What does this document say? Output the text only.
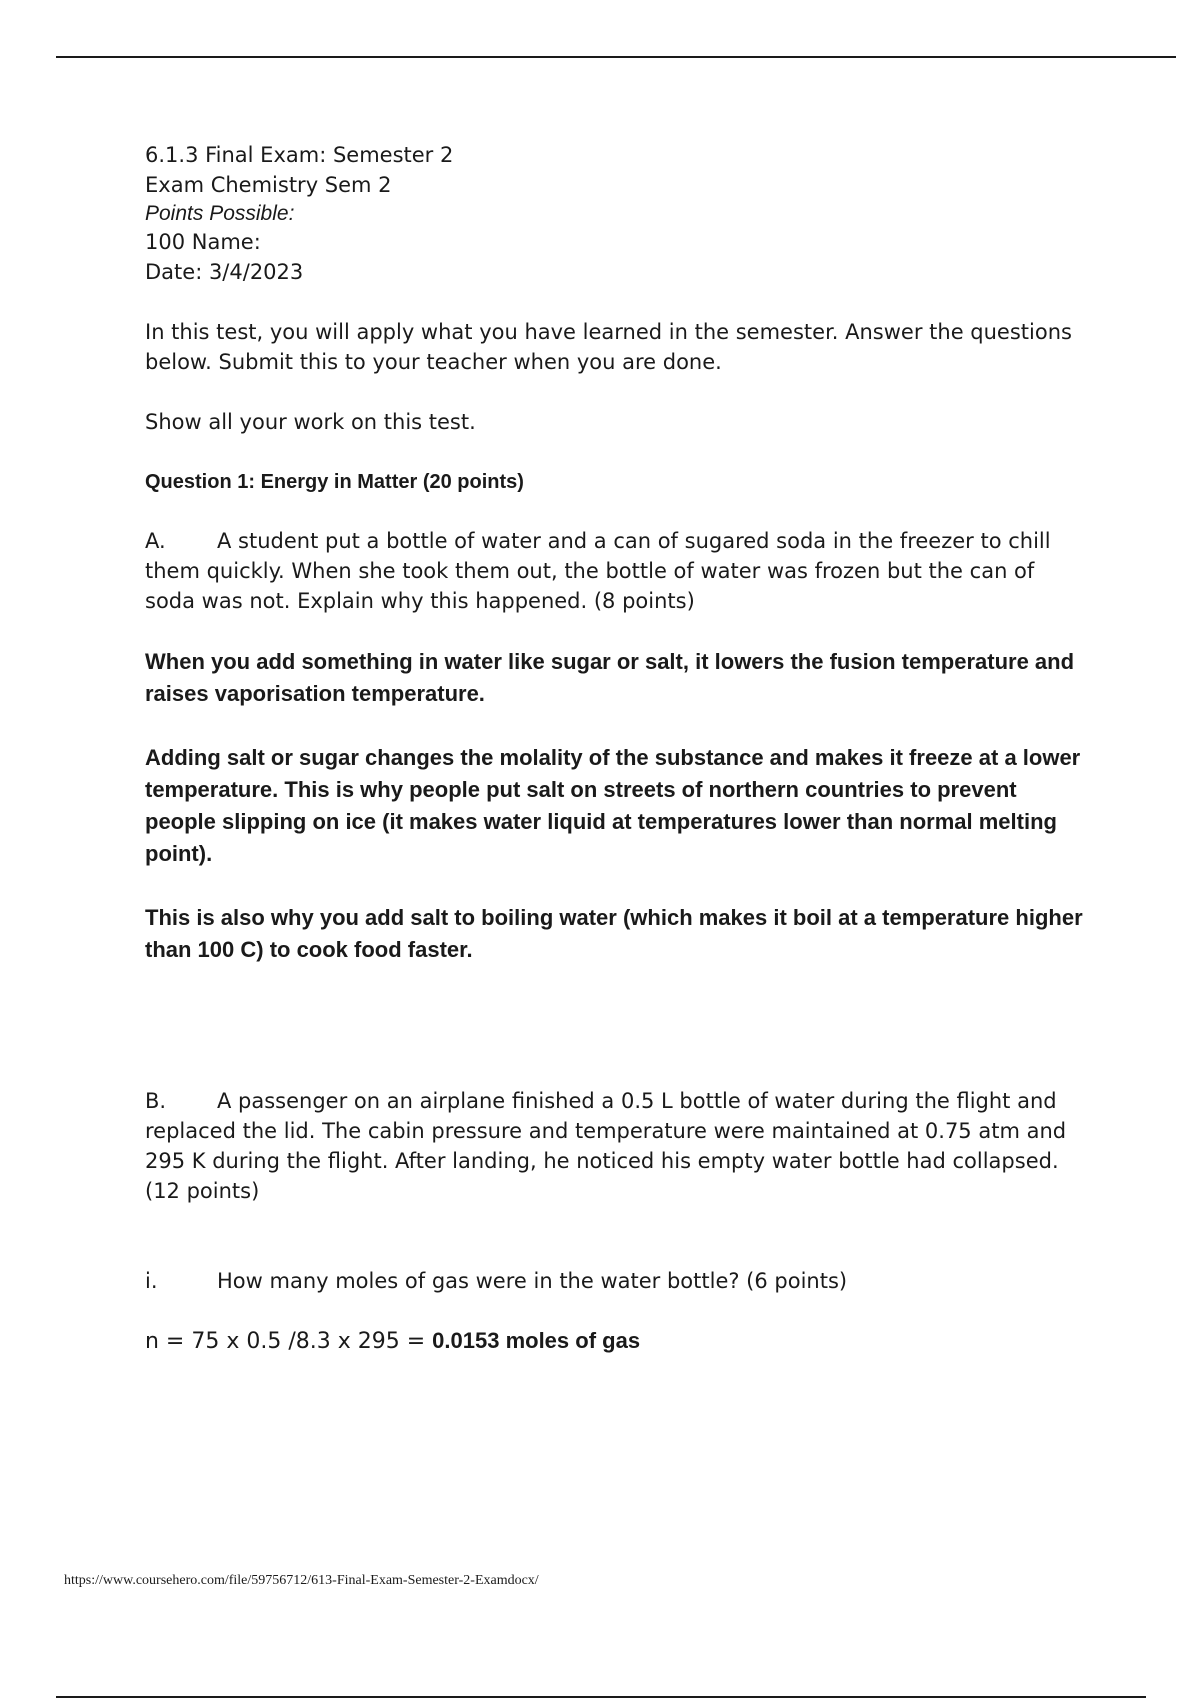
6.1.3 Final Exam: Semester 2
Exam Chemistry Sem 2
Points Possible:
100 Name:
Date: 3/4/2023

In this test, you will apply what you have learned in the semester. Answer the questions below. Submit this to your teacher when you are done.

Show all your work on this test.

Question 1: Energy in Matter (20 points)

A. A student put a bottle of water and a can of sugared soda in the freezer to chill them quickly. When she took them out, the bottle of water was frozen but the can of soda was not. Explain why this happened. (8 points)

When you add something in water like sugar or salt, it lowers the fusion temperature and raises vaporisation temperature.

Adding salt or sugar changes the molality of the substance and makes it freeze at a lower temperature. This is why people put salt on streets of northern countries to prevent people slipping on ice (it makes water liquid at temperatures lower than normal melting point).

This is also why you add salt to boiling water (which makes it boil at a temperature higher than 100 C) to cook food faster.

B. A passenger on an airplane finished a 0.5 L bottle of water during the flight and replaced the lid. The cabin pressure and temperature were maintained at 0.75 atm and 295 K during the flight. After landing, he noticed his empty water bottle had collapsed. (12 points)

i.	How many moles of gas were in the water bottle? (6 points)

n = 75 x 0.5 /8.3 x 295 = 0.0153 moles of gas

https://www.coursehero.com/file/59756712/613-Final-Exam-Semester-2-Examdocx/
